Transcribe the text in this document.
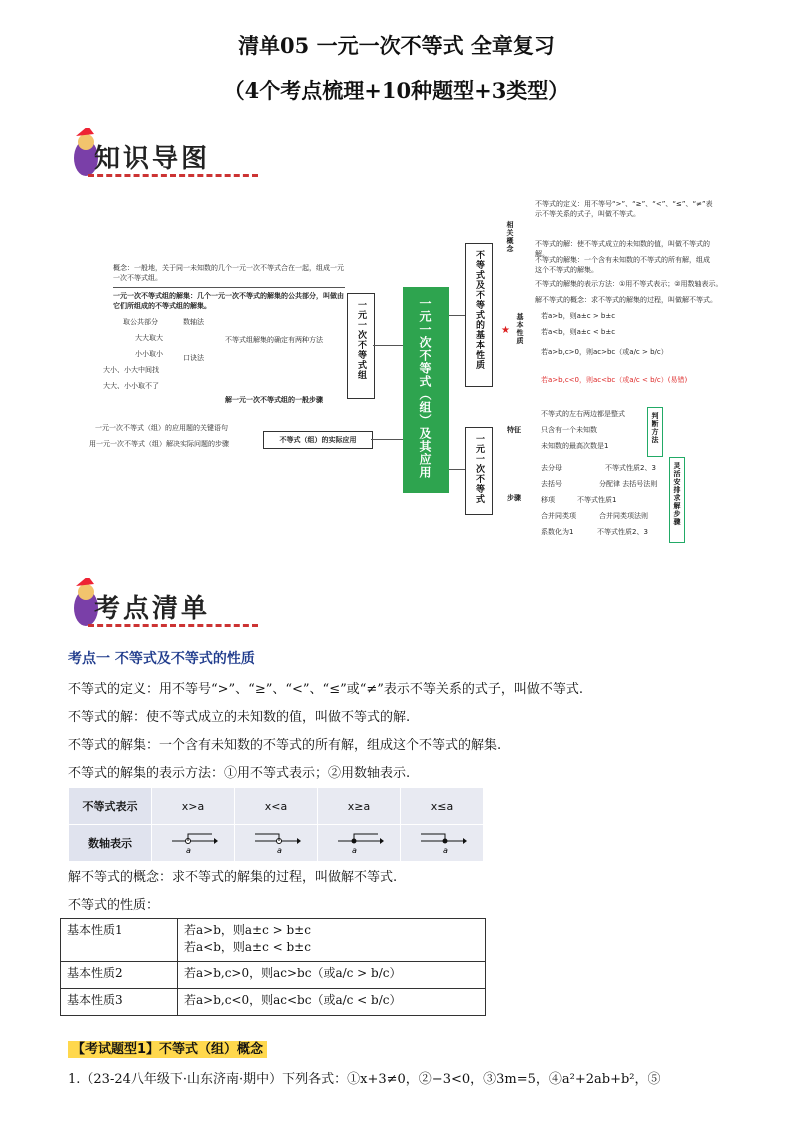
清单05 一元一次不等式 全章复习
（4个考点梳理+10种题型+3类型）
知识导图
一元一次不等式（组）及其应用
一元一次不等式组
不等式（组）的实际应用
不等式及不等式的基本性质
一元一次不等式
概念：一般地，关于同一未知数的几个一元一次不等式合在一起，组成一元一次不等式组。
一元一次不等式组的解集：几个一元一次不等式的解集的公共部分，叫做由它们所组成的不等式组的解集。
取公共部分	数轴法
大大取大
小小取小
大小、小大中间找
大大、小小取不了
口诀法
不等式组解集的确定有两种方法
解一元一次不等式组的一般步骤
一元一次不等式（组）的应用题的关键语句
用一元一次不等式（组）解决实际问题的步骤
相关概念
不等式的定义：用不等号“>”、“≥”、“<”、“≤”、“≠”表示不等关系的式子，叫做不等式。
不等式的解：使不等式成立的未知数的值，叫做不等式的解。
不等式的解集：一个含有未知数的不等式的所有解，组成这个不等式的解集。
不等式的解集的表示方法：①用不等式表示；②用数轴表示。
解不等式的概念：求不等式的解集的过程，叫做解不等式。
★ 基本性质 若a>b，则a±c > b±c
若a<b，则a±c < b±c
若a>b,c>0，则ac>bc（或a/c > b/c）
若a>b,c<0，则ac<bc（或a/c < b/c）(易错)
特征
不等式的左右两边都是整式
只含有一个未知数
未知数的最高次数是1
判断方法
步骤
去分母	不等式性质2、3
去括号	分配律 去括号法则
移项	不等式性质1
合并同类项	合并同类项法则
系数化为1	不等式性质2、3
灵活安排求解步骤
考点清单
考点一 不等式及不等式的性质
不等式的定义：用不等号“>”、“≥”、“<”、“≤”或“≠”表示不等关系的式子，叫做不等式.
不等式的解：使不等式成立的未知数的值，叫做不等式的解.
不等式的解集：一个含有未知数的不等式的所有解，组成这个不等式的解集.
不等式的解集的表示方法：①用不等式表示；②用数轴表示.
不等式表示	x>a	x<a	x≥a	x≤a
数轴表示	a	a	a	a
解不等式的概念：求不等式的解集的过程，叫做解不等式.
不等式的性质：
基本性质1	若a>b，则a±c > b±c
若a<b，则a±c < b±c

基本性质2	若a>b,c>0，则ac>bc（或a/c > b/c）
基本性质3	若a>b,c<0，则ac<bc（或a/c < b/c）
【考试题型1】不等式（组）概念
1.（23-24八年级下·山东济南·期中）下列各式：①x+3≠0，②−3<0，③3m=5，④a²+2ab+b²，⑤
